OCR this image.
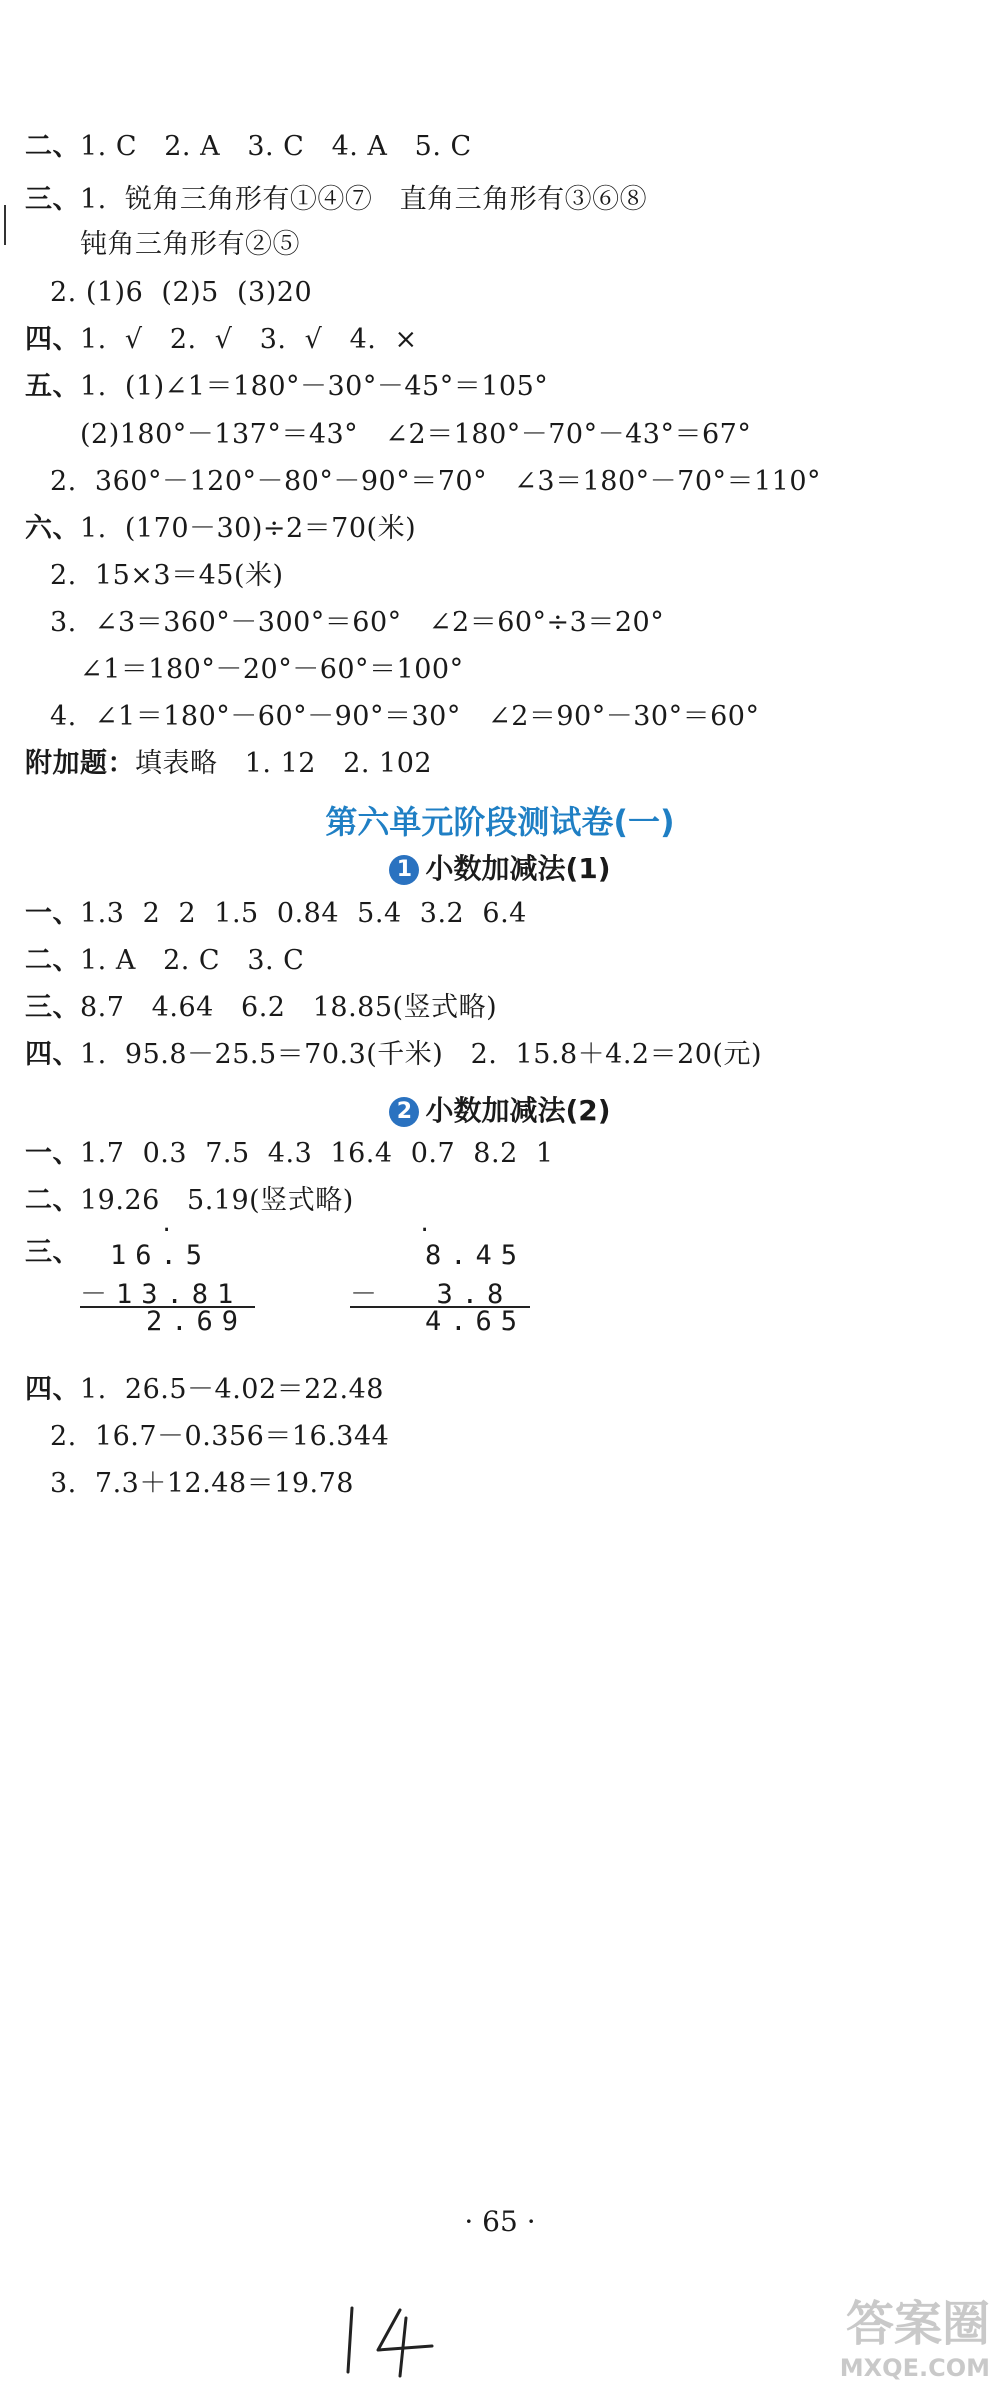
二、1. C   2. A   3. C   4. A   5. C
三、1.  锐角三角形有①④⑦   直角三角形有③⑥⑧
钝角三角形有②⑤
2. (1)6  (2)5  (3)20
四、1.  √   2.  √   3.  √   4.  ×
五、1.  (1)∠1＝180°－30°－45°＝105°
(2)180°－137°＝43°   ∠2＝180°－70°－43°＝67°
2.  360°－120°－80°－90°＝70°   ∠3＝180°－70°＝110°
六、1.  (170－30)÷2＝70(米)
2.  15×3＝45(米)
3.  ∠3＝360°－300°＝60°   ∠2＝60°÷3＝20°
∠1＝180°－20°－60°＝100°
4.  ∠1＝180°－60°－90°＝30°   ∠2＝90°－30°＝60°
附加题：填表略   1. 12   2. 102
第六单元阶段测试卷(一)
1 小数加减法(1)
一、1.3  2  2  1.5  0.84  5.4  3.2  6.4
二、1. A   2. C   3. C
三、8.7   4.64   6.2   18.85(竖式略)
四、1.  95.8－25.5＝70.3(千米)   2.  15.8＋4.2＝20(元)
2 小数加减法(2)
一、1.7  0.3  7.5  4.3  16.4  0.7  8.2  1
二、19.26   5.19(竖式略)
三、
·
16.5
－13.81
2.69
·
8.45
－  3.8
4.65
四、1.  26.5－4.02＝22.48
2.  16.7－0.356＝16.344
3.  7.3＋12.48＝19.78
· 65 ·
答案圈
MXQE.COM
